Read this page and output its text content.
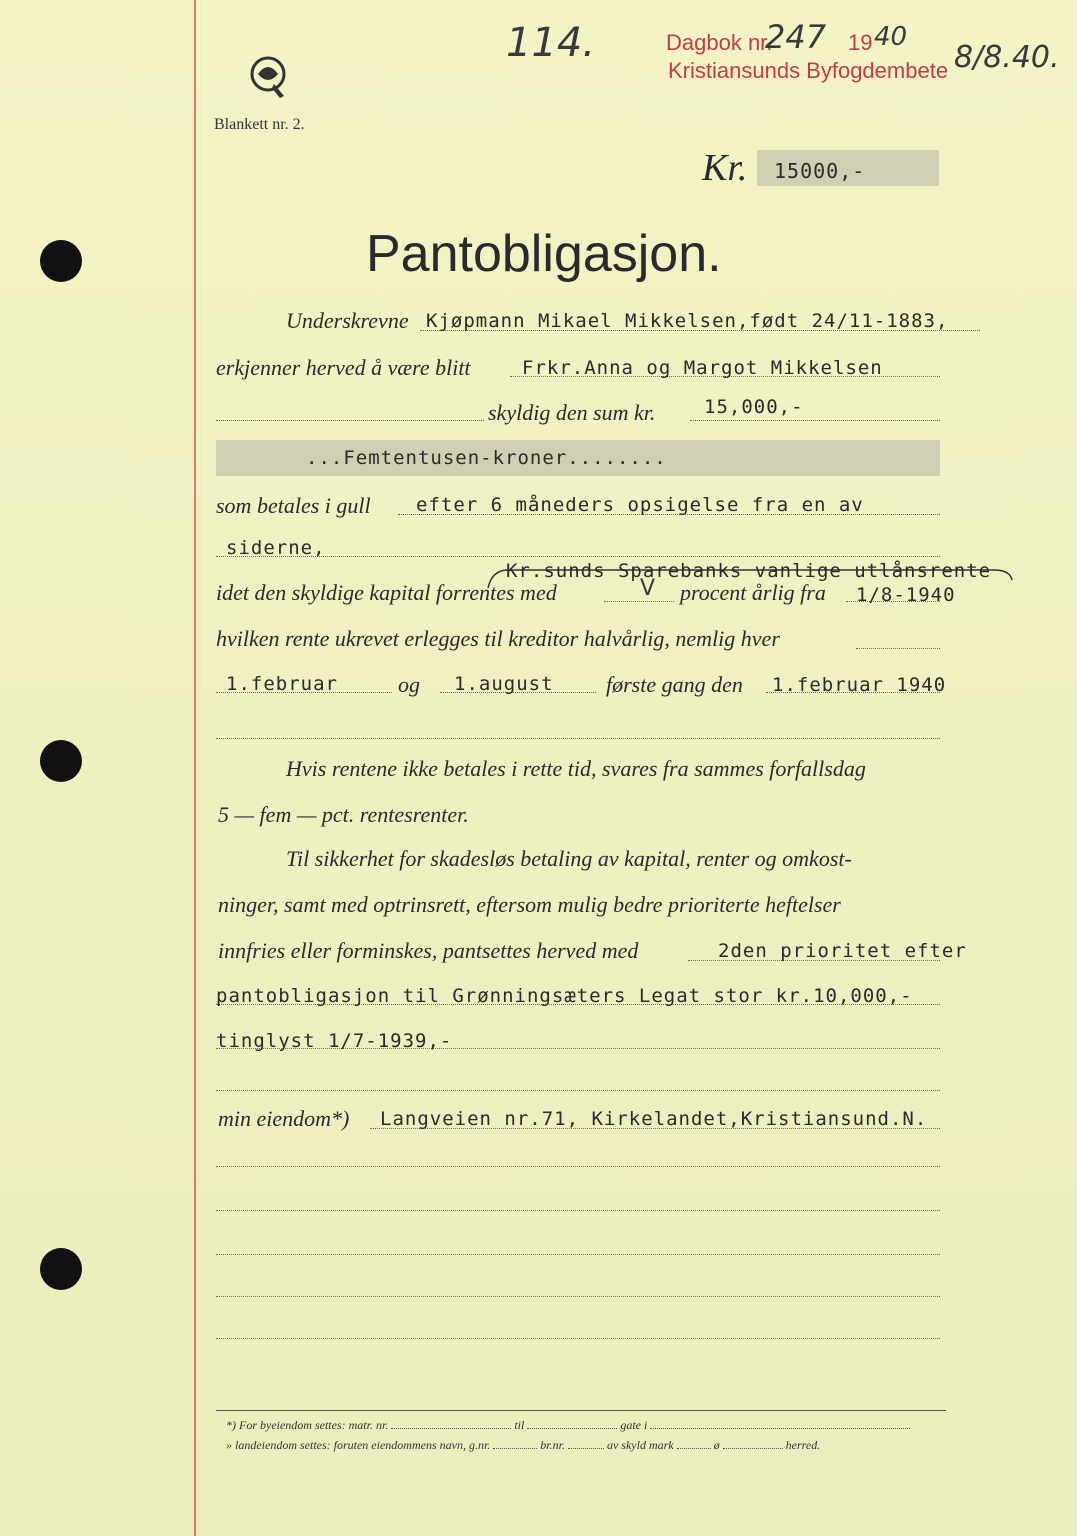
114.	Dagbok nr.
247 19 40
Kristiansunds Byfogdembete 8/8.40.
Blankett nr. 2.
Kr. 15000,-
Pantobligasjon.
Underskrevne Kjøpmann Mikael Mikkelsen,født 24/11-1883,
erkjenner herved å være blitt	Frkr.Anna og Margot Mikkelsen
skyldig den sum kr.	15,000,-
...Femtentusen-kroner........
som betales i gull efter 6 måneders opsigelse fra en av
siderne,
Kr.sunds Sparebanks vanlige utlånsrente
idet den skyldige kapital forrentes med	V procent årlig fra 1/8-1940
hvilken rente ukrevet erlegges til kreditor halvårlig, nemlig hver
1.februar	og 1.august første gang den 1.februar 1940
Hvis rentene ikke betales i rette tid, svares fra sammes forfallsdag
5 — fem — pct. rentesrenter.
Til sikkerhet for skadesløs betaling av kapital, renter og omkost-
ninger, samt med optrinsrett, eftersom mulig bedre prioriterte heftelser
innfries eller forminskes, pantsettes herved med	2den prioritet efter
pantobligasjon til Grønningsæters Legat stor kr.10,000,-
tinglyst 1/7-1939,-
min eiendom*) Langveien nr.71, Kirkelandet,Kristiansund.N.
*) For byeiendom settes: matr. nr.	til	gate i
» landeiendom settes: foruten eiendommens navn, g.nr.	br.nr.	av skyld mark	ø	herred.
